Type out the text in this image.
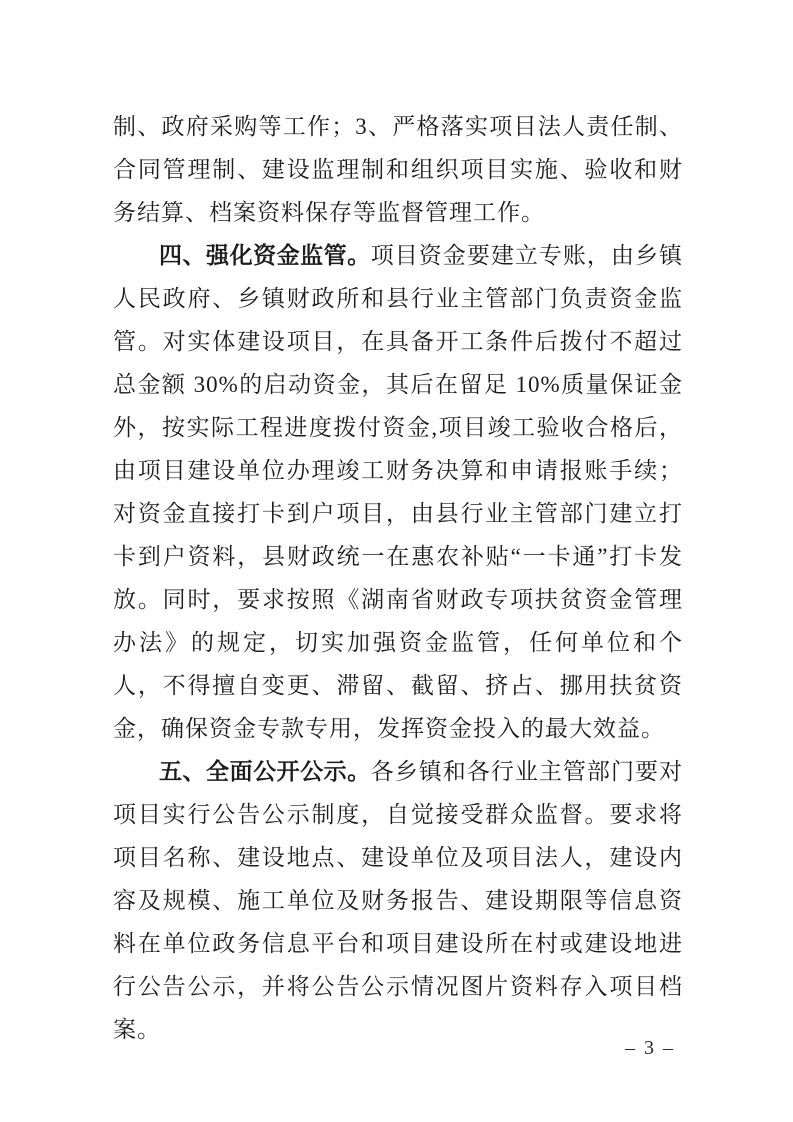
制、政府采购等工作；3、严格落实项目法人责任制、合同管理制、建设监理制和组织项目实施、验收和财务结算、档案资料保存等监督管理工作。

四、强化资金监管。项目资金要建立专账，由乡镇人民政府、乡镇财政所和县行业主管部门负责资金监管。对实体建设项目，在具备开工条件后拨付不超过总金额 30%的启动资金，其后在留足 10%质量保证金外，按实际工程进度拨付资金,项目竣工验收合格后，由项目建设单位办理竣工财务决算和申请报账手续；对资金直接打卡到户项目，由县行业主管部门建立打卡到户资料，县财政统一在惠农补贴“一卡通”打卡发放。同时，要求按照《湖南省财政专项扶贫资金管理办法》的规定，切实加强资金监管，任何单位和个人，不得擅自变更、滞留、截留、挤占、挪用扶贫资金，确保资金专款专用，发挥资金投入的最大效益。

五、全面公开公示。各乡镇和各行业主管部门要对项目实行公告公示制度，自觉接受群众监督。要求将项目名称、建设地点、建设单位及项目法人，建设内容及规模、施工单位及财务报告、建设期限等信息资料在单位政务信息平台和项目建设所在村或建设地进行公告公示，并将公告公示情况图片资料存入项目档案。

– 3 –
